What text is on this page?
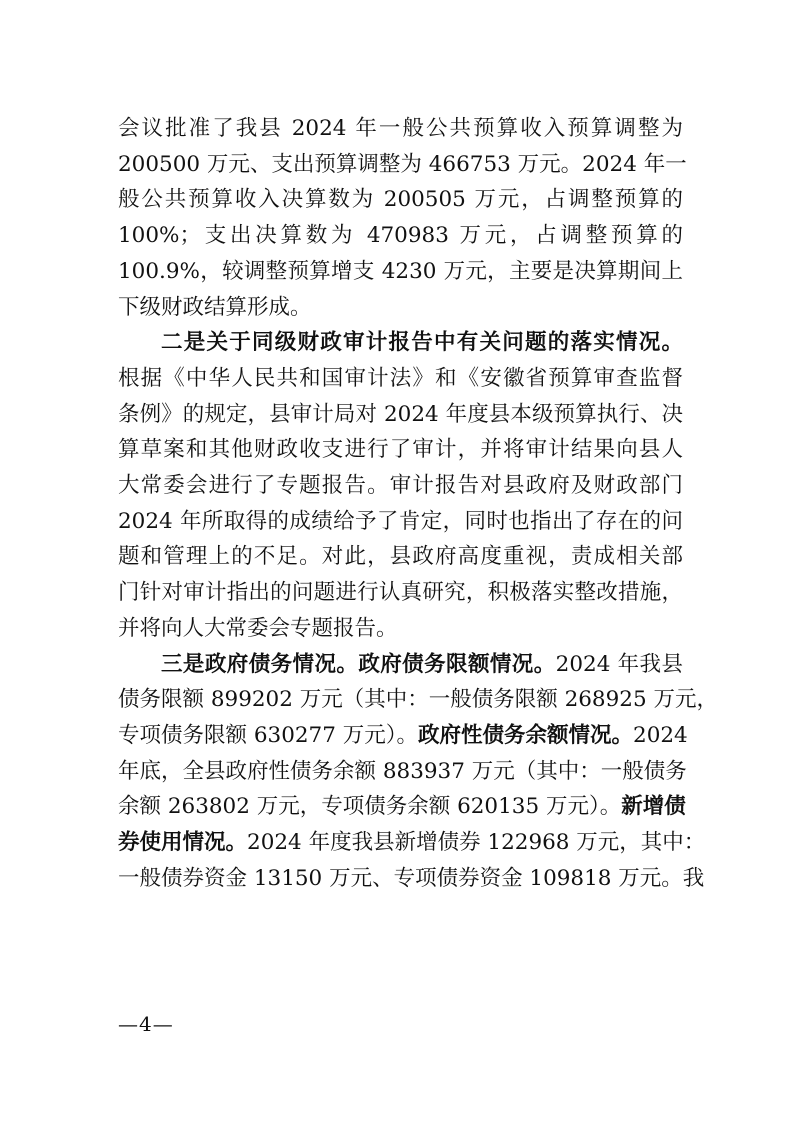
会议批准了我县 2024 年一般公共预算收入预算调整为
200500 万元、支出预算调整为 466753 万元。2024 年一
般公共预算收入决算数为 200505 万元，占调整预算的
100%；支出决算数为 470983 万元，占调整预算的
100.9%，较调整预算增支 4230 万元，主要是决算期间上
下级财政结算形成。
二是关于同级财政审计报告中有关问题的落实情况。
根据《中华人民共和国审计法》和《安徽省预算审查监督
条例》的规定，县审计局对 2024 年度县本级预算执行、决
算草案和其他财政收支进行了审计，并将审计结果向县人
大常委会进行了专题报告。审计报告对县政府及财政部门
2024 年所取得的成绩给予了肯定，同时也指出了存在的问
题和管理上的不足。对此，县政府高度重视，责成相关部
门针对审计指出的问题进行认真研究，积极落实整改措施，
并将向人大常委会专题报告。
三是政府债务情况。政府债务限额情况。2024 年我县
债务限额 899202 万元（其中：一般债务限额 268925 万元，
专项债务限额 630277 万元）。政府性债务余额情况。2024
年底，全县政府性债务余额 883937 万元（其中：一般债务
余额 263802 万元，专项债务余额 620135 万元）。新增债
券使用情况。2024 年度我县新增债券 122968 万元，其中：
一般债券资金 13150 万元、专项债券资金 109818 万元。我
—4—
